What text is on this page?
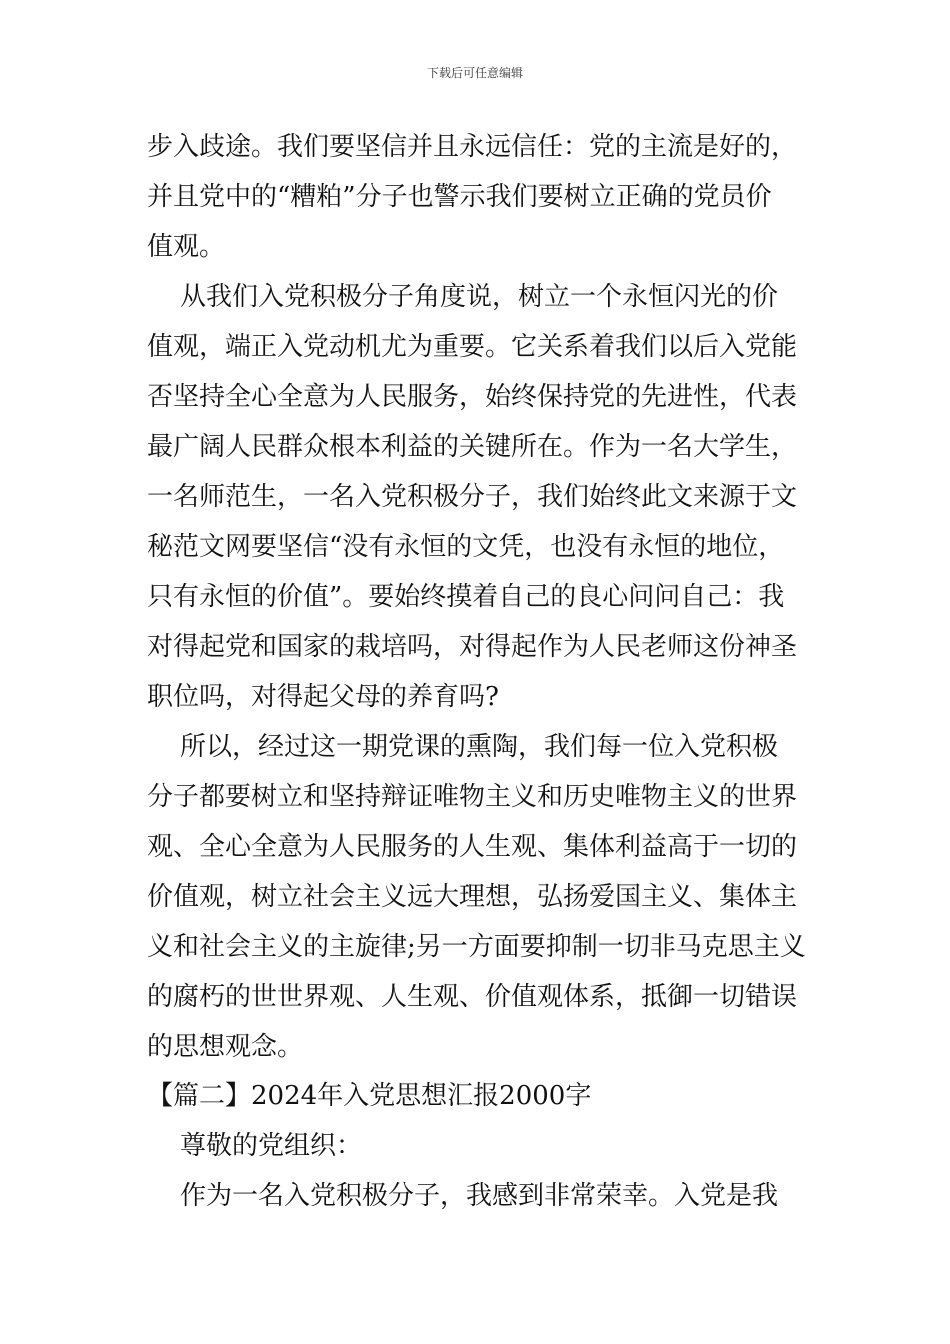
下载后可任意编辑
步入歧途。我们要坚信并且永远信任：党的主流是好的，
并且党中的“糟粕”分子也警示我们要树立正确的党员价
值观。
从我们入党积极分子角度说，树立一个永恒闪光的价
值观，端正入党动机尤为重要。它关系着我们以后入党能
否坚持全心全意为人民服务，始终保持党的先进性，代表
最广阔人民群众根本利益的关键所在。作为一名大学生，
一名师范生，一名入党积极分子，我们始终此文来源于文
秘范文网要坚信“没有永恒的文凭，也没有永恒的地位，
只有永恒的价值”。要始终摸着自己的良心问问自己：我
对得起党和国家的栽培吗，对得起作为人民老师这份神圣
职位吗，对得起父母的养育吗?
所以，经过这一期党课的熏陶，我们每一位入党积极
分子都要树立和坚持辩证唯物主义和历史唯物主义的世界
观、全心全意为人民服务的人生观、集体利益高于一切的
价值观，树立社会主义远大理想，弘扬爱国主义、集体主
义和社会主义的主旋律;另一方面要抑制一切非马克思主义
的腐朽的世世界观、人生观、价值观体系，抵御一切错误
的思想观念。
【篇二】2024年入党思想汇报2000字
尊敬的党组织：
作为一名入党积极分子，我感到非常荣幸。入党是我
